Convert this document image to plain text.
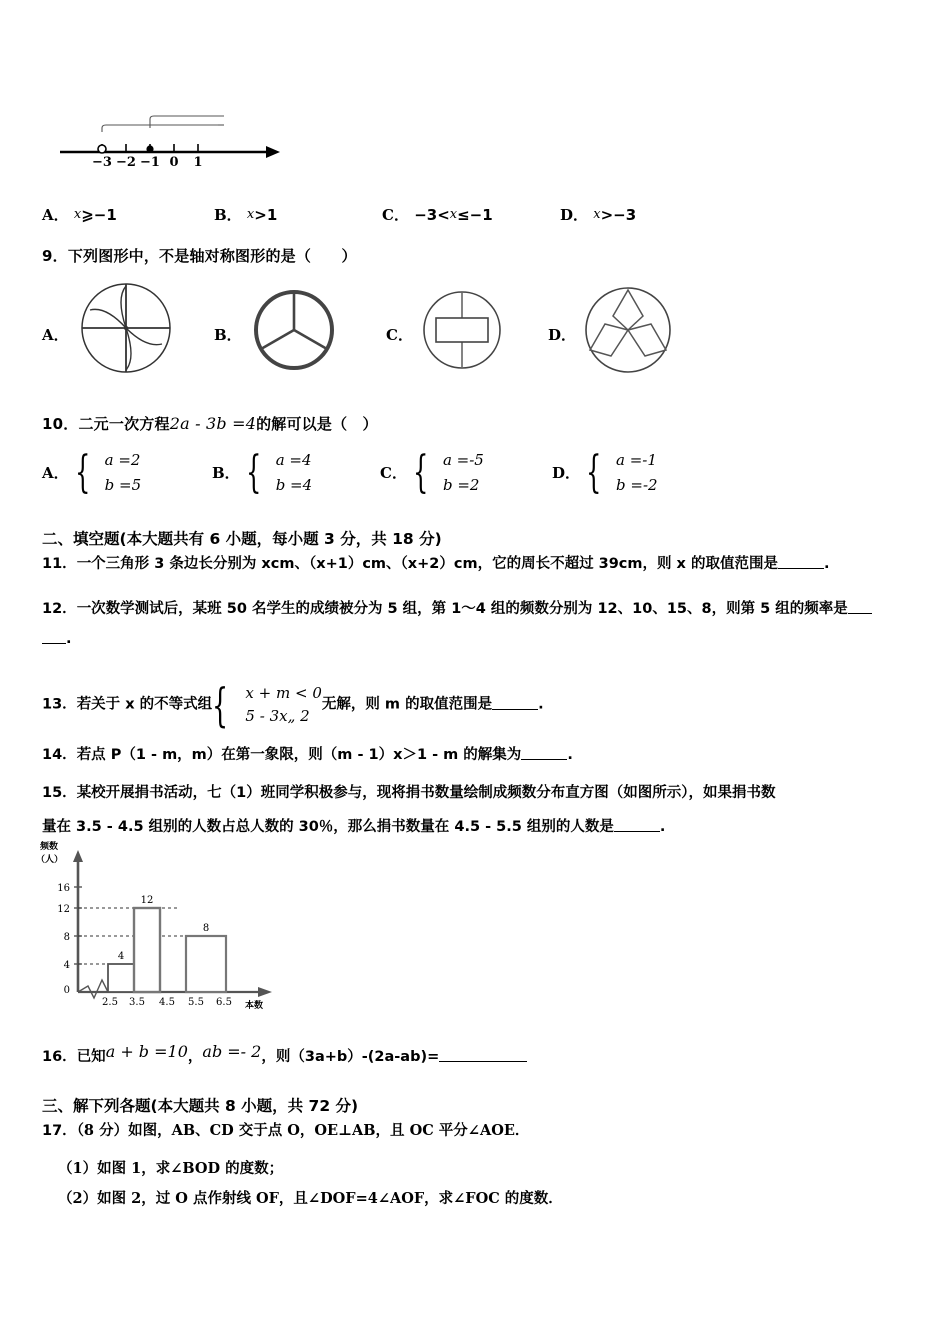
−3 −2 −1 0 1
A． x⩾−1	B． x>1	C． −3<x≤−1	D． x>−3
9．下列图形中，不是轴对称图形的是（　　）
A．	B．	C．	D．
10．二元一次方程2a - 3b =4的解可以是（　）
A． { a =2
b =5
B． { a =4
b =4
C． { a =-5
b =2
D． { a =-1
b =-2
二、填空题(本大题共有 6 小题，每小题 3 分，共 18 分)
11．一个三角形 3 条边长分别为 xcm、（x+1）cm、（x+2）cm，它的周长不超过 39cm，则 x 的取值范围是	.
12．一次数学测试后，某班 50 名学生的成绩被分为 5 组，第 1～4 组的频数分别为 12、10、15、8，则第 5 组的频率是
.
13．若关于 x 的不等式组 { x + m < 0
5 - 3x„ 2
无解，则 m 的取值范围是	.
14．若点 P（1 - m，m）在第一象限，则（m - 1）x＞1 - m 的解集为	.
15．某校开展捐书活动，七（1）班同学积极参与，现将捐书数量绘制成频数分布直方图（如图所示），如果捐书数
量在 3.5 - 4.5 组别的人数占总人数的 30％，那么捐书数量在 4.5 - 5.5 组别的人数是	.
0
4
8
12
16
4
12
8
2.5 3.5 4.5 5.5 6.5
频数
（人）
本数
16．已知a + b =10，ab =- 2，则（3a+b）-(2a-ab)=
三、解下列各题(本大题共 8 小题，共 72 分)
17．（8 分）如图，AB、CD 交于点 O，OE⊥AB，且 OC 平分∠AOE．
（1）如图 1，求∠BOD 的度数；
（2）如图 2，过 O 点作射线 OF，且∠DOF=4∠AOF，求∠FOC 的度数．
